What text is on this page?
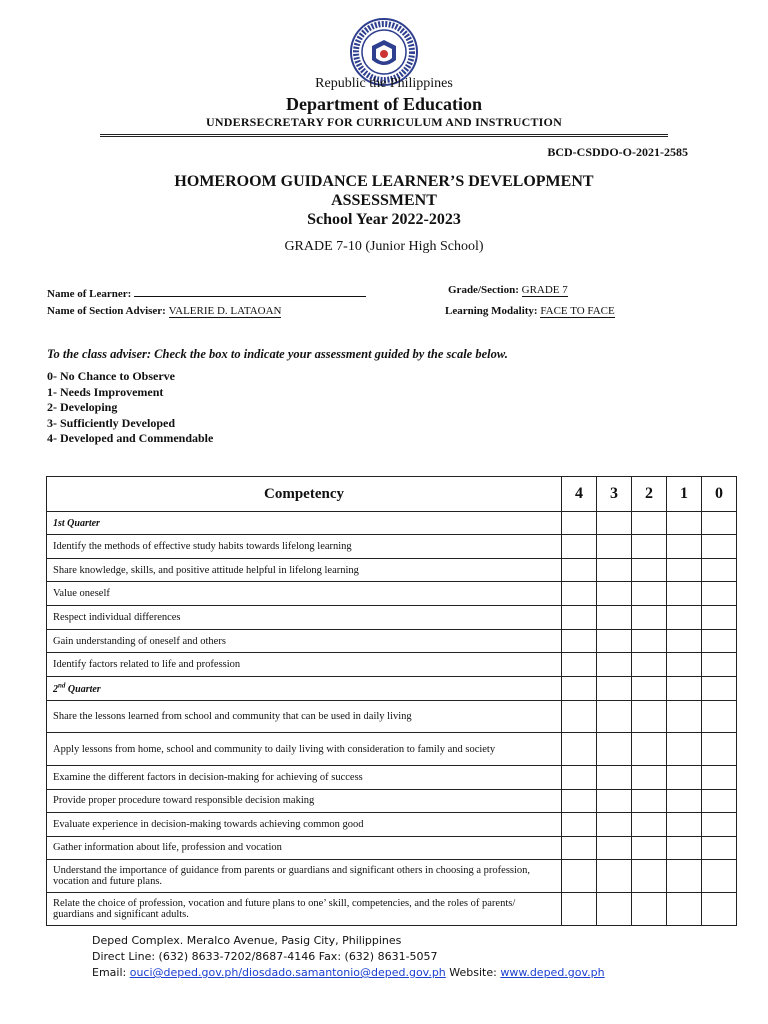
Republic the Philippines
Department of Education
UNDERSECRETARY FOR CURRICULUM AND INSTRUCTION
BCD-CSDDO-O-2021-2585
HOMEROOM GUIDANCE LEARNER’S DEVELOPMENT
ASSESSMENT
School Year 2022-2023
GRADE 7-10 (Junior High School)
Name of Learner:	Grade/Section: GRADE 7
Name of Section Adviser: VALERIE D. LATAOAN	Learning Modality: FACE TO FACE
To the class adviser: Check the box to indicate your assessment guided by the scale below.
0- No Chance to Observe
1- Needs Improvement
2- Developing
3- Sufficiently Developed
4- Developed and Commendable
Competency	4	3	2	1	0
1st Quarter					
Identify the methods of effective study habits towards lifelong learning					
Share knowledge, skills, and positive attitude helpful in lifelong learning					
Value oneself					
Respect individual differences					
Gain understanding of oneself and others					
Identify factors related to life and profession					
2nd Quarter					
Share the lessons learned from school and community that can be used in daily living					
Apply lessons from home, school and community to daily living with consideration to family and society					
Examine the different factors in decision-making for achieving of success					
Provide proper procedure toward responsible decision making					
Evaluate experience in decision-making towards achieving common good					
Gather information about life, profession and vocation					
Understand the importance of guidance from parents or guardians and significant others in choosing a profession, vocation and future plans.					
Relate the choice of profession, vocation and future plans to one’ skill, competencies, and the roles of parents/ guardians and significant adults.					
Deped Complex. Meralco Avenue, Pasig City, Philippines
Direct Line: (632) 8633-7202/8687-4146 Fax: (632) 8631-5057
Email: ouci@deped.gov.ph/diosdado.samantonio@deped.gov.ph Website: www.deped.gov.ph
